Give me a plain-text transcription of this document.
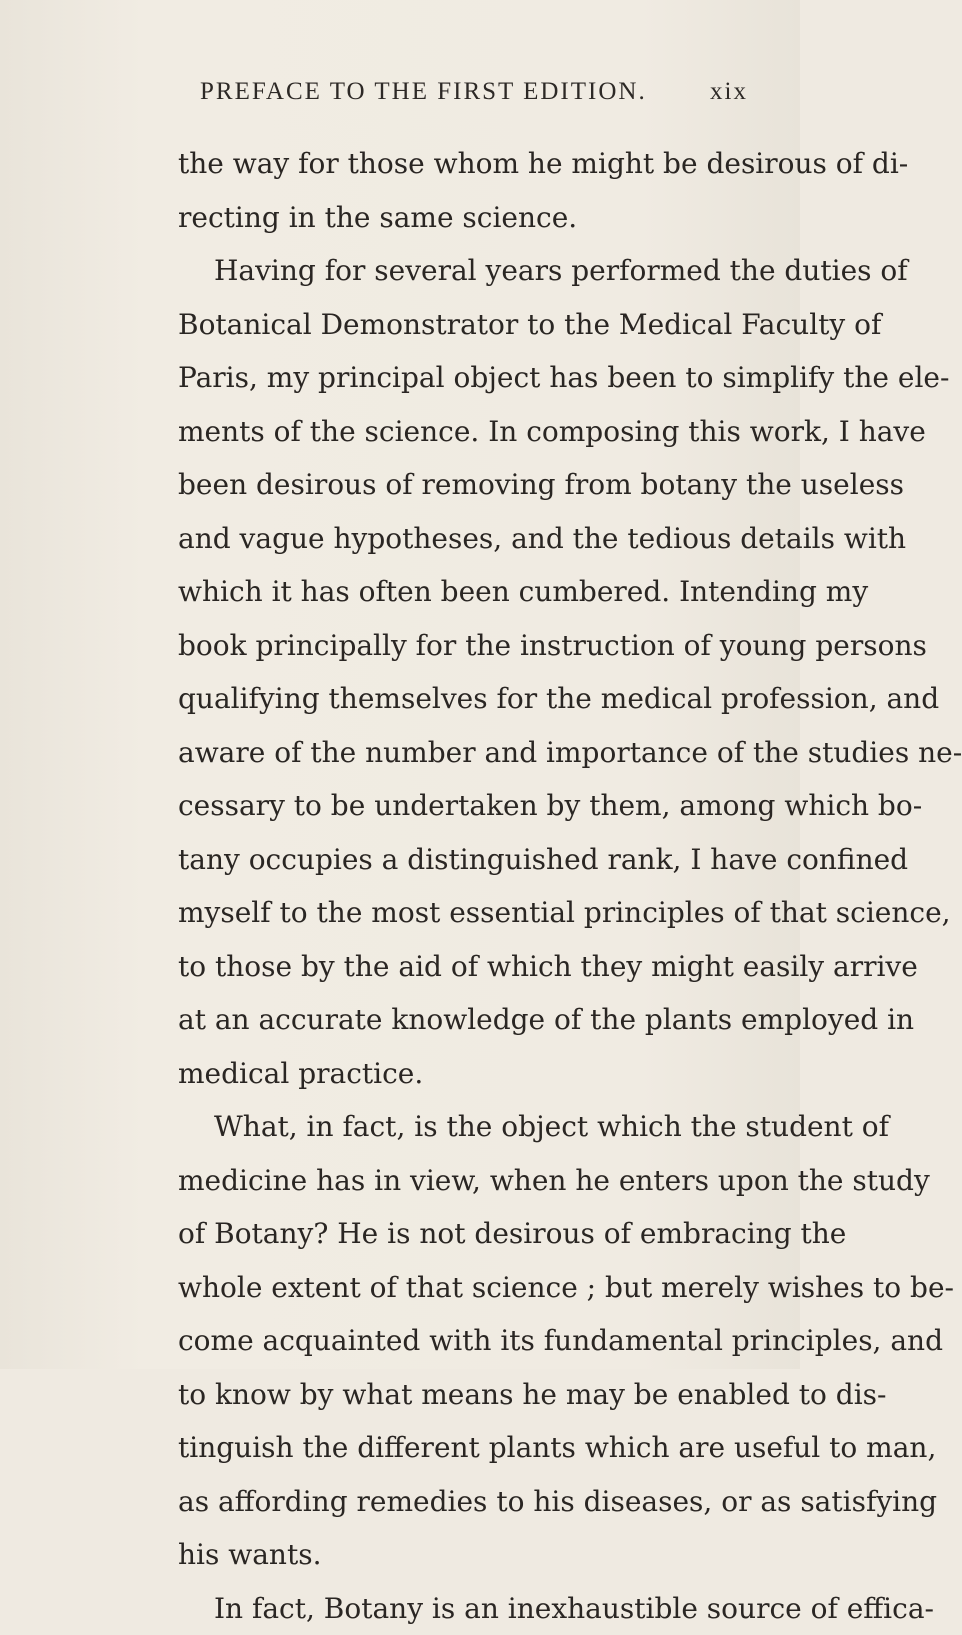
PREFACE TO THE FIRST EDITION.	xix
the way for those whom he might be desirous of di-
recting in the same science.
Having for several years performed the duties of
Botanical Demonstrator to the Medical Faculty of
Paris, my principal object has been to simplify the ele-
ments of the science. In composing this work, I have
been desirous of removing from botany the useless
and vague hypotheses, and the tedious details with
which it has often been cumbered. Intending my
book principally for the instruction of young persons
qualifying themselves for the medical profession, and
aware of the number and importance of the studies ne-
cessary to be undertaken by them, among which bo-
tany occupies a distinguished rank, I have confined
myself to the most essential principles of that science,
to those by the aid of which they might easily arrive
at an accurate knowledge of the plants employed in
medical practice.
What, in fact, is the object which the student of
medicine has in view, when he enters upon the study
of Botany? He is not desirous of embracing the
whole extent of that science ; but merely wishes to be-
come acquainted with its fundamental principles, and
to know by what means he may be enabled to dis-
tinguish the different plants which are useful to man,
as affording remedies to his diseases, or as satisfying
his wants.
In fact, Botany is an inexhaustible source of effica-
